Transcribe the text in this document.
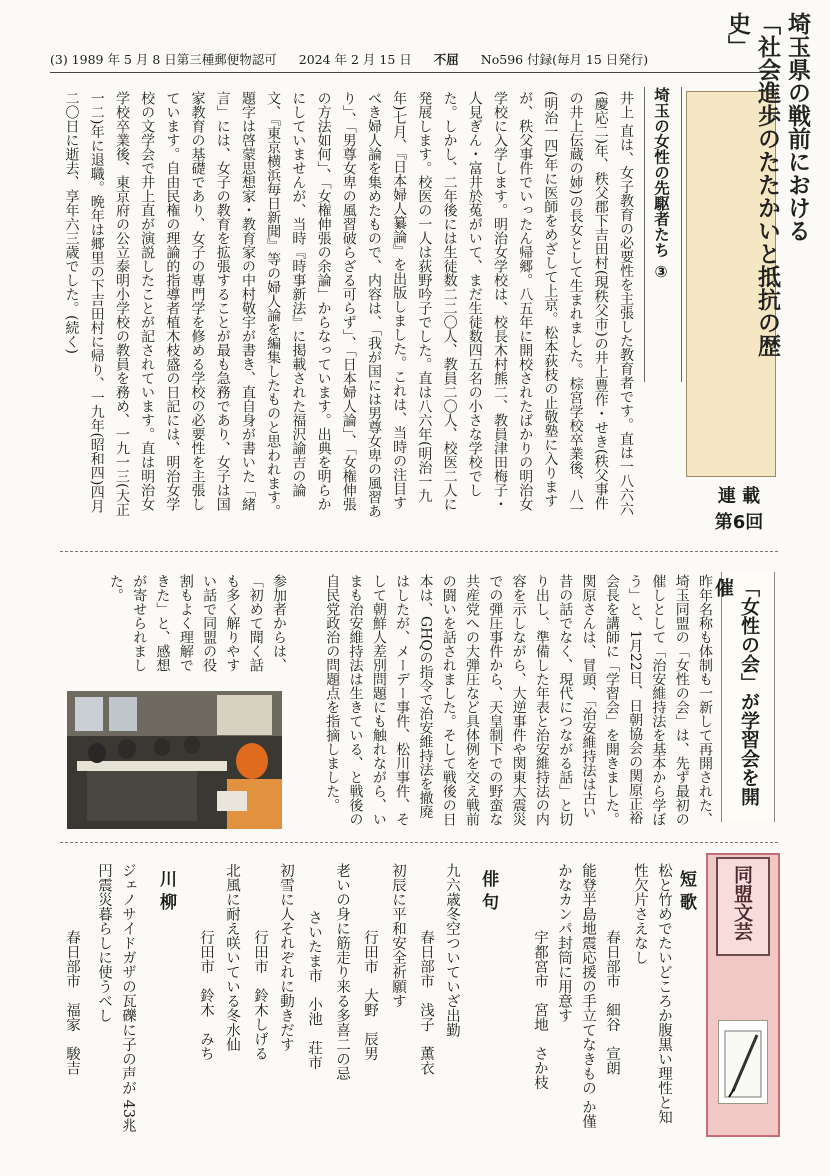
(3) 1989 年 5 月 8 日第三種郵便物認可 2024 年 2 月 15 日 不屈 No596 付録(毎月 15 日発行)	埼玉県の戦前における
「社会進歩のたたかいと抵抗の歴史」
連 載
第6回
埼玉の女性の先駆者たち ③
井上 直は、女子教育の必要性を主張した教育者です。直は一八六六(慶応二)年、秩父郡下吉田村(現秩父市)の井上豊作・せき(秩父事件の井上伝蔵の姉)の長女として生まれました。棕宮学校卒業後、八一(明治一四)年に医師をめざして上京。松本荻枝の止敬塾に入りますが、秩父事件でいったん帰郷。八五年に開校されたばかりの明治女学校に入学します。明治女学校は、校長木村熊二、教員津田梅子・人見ぎん・富井於菟がいて、まだ生徒数四五名の小さな学校でした。しかし、二年後には生徒数二二〇人、教員二〇人、校医二人に発展します。校医の一人は荻野吟子でした。直は八六年(明治一九年)七月、『日本婦人纂論』を出版しました。これは、当時の注目すべき婦人論を集めたもので、内容は、「我が国には男尊女卑の風習あり」、「男尊女卑の風習破らざる可らず」、「日本婦人論」、「女権伸張の方法如何」、「女権伸張の余論」からなっています。出典を明らかにしていませんが、当時『時事新法』に掲載された福沢諭吉の論文、『東京横浜毎日新聞』等の婦人論を編集したものと思われます。題字は啓蒙思想家・教育家の中村敬宇が書き、直自身が書いた「緒言」には、女子の教育を拡張することが最も急務であり、女子は国家教育の基礎であり、女子の専門学を修める学校の必要性を主張しています。自由民権の理論的指導者植木枝盛の日記には、明治女学校の文学会で井上直が演説したことが記されています。直は明治女学校卒業後、東京府の公立泰明小学校の教員を務め、一九一三(大正一二)年に退職。晩年は郷里の下吉田村に帰り、一九年(昭和四)四月二〇日に逝去、享年六三歳でした。(続く)
「女性の会」が学習会を開催
昨年名称も体制も一新して再開された、埼玉同盟の「女性の会」は、先ず最初の催しとして「治安維持法を基本から学ぼう」と、1月22日、日朝協会の関原正裕会長を講師に「学習会」を開きました。関原さんは、冒頭、「治安維持法は古い昔の話でなく、現代につながる話」と切り出し、準備した年表と治安維持法の内容を示しながら、大逆事件や関東大震災での弾圧事件から、天皇制下での野蛮な共産党への大弾圧など具体例を交え戦前の闘いを話されました。そして戦後の日本は、GHQの指令で治安維持法を撤廃はしたが、メーデー事件、松川事件、そして朝鮮人差別問題にも触れながら、いまも治安維持法は生きている、と戦後の自民党政治の問題点を指摘しました。
参加者からは、「初めて聞く話も多く解りやすい話で同盟の役割もよく理解できた」と、感想が寄せられました。
同盟文芸
短 歌
松と竹めでたいどころか腹黒い理性と知性欠片さえなし
春日部市　細谷　宣朗
能登半島地震応援の手立てなきもの か僅かなカンパ封筒に用意す
宇都宮市　宮地　さか枝
俳 句
九六歳冬空ついていざ出勤
春日部市　浅子　薫衣
初辰に平和安全祈願す
行田市　大野　辰男
老いの身に筋走り来る多喜二の忌
さいたま市　小池　荘市
初雪に人それぞれに動きだす
行田市　鈴木しげる
北風に耐え咲いている冬水仙
行田市　鈴木　みち
川 柳
ジェノサイドガザの瓦礫に子の声が 43兆円震災暮らしに使うべし
春日部市　福家　駿吉
